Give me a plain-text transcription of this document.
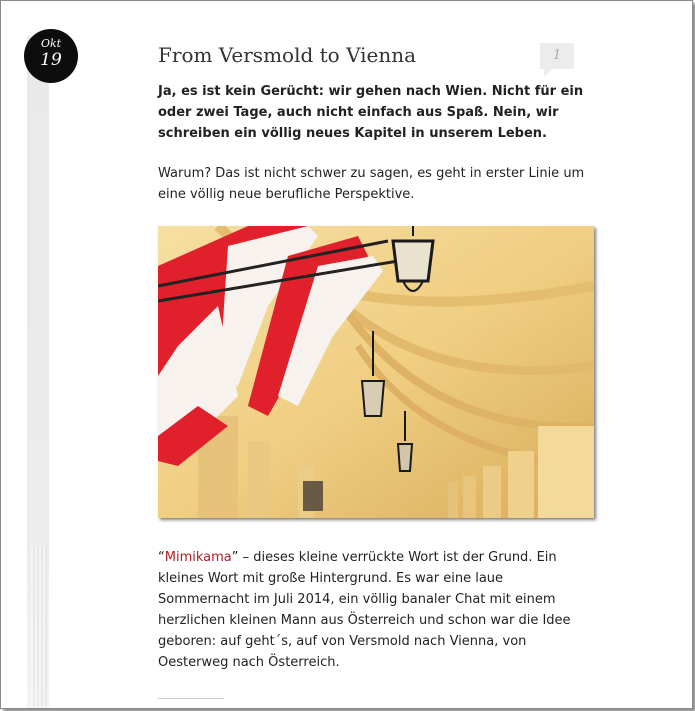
Okt
19	From Versmold to Vienna	1

Ja, es ist kein Gerücht: wir gehen nach Wien. Nicht für ein oder zwei Tage, auch nicht einfach aus Spaß. Nein, wir schreiben ein völlig neues Kapitel in unserem Leben.

Warum? Das ist nicht schwer zu sagen, es geht in erster Linie um eine völlig neue berufliche Perspektive.

“Mimikama” – dieses kleine verrückte Wort ist der Grund. Ein kleines Wort mit große Hintergrund. Es war eine laue Sommernacht im Juli 2014, ein völlig banaler Chat mit einem herzlichen kleinen Mann aus Österreich und schon war die Idee geboren: auf geht´s, auf von Versmold nach Vienna, von Oesterweg nach Österreich.
